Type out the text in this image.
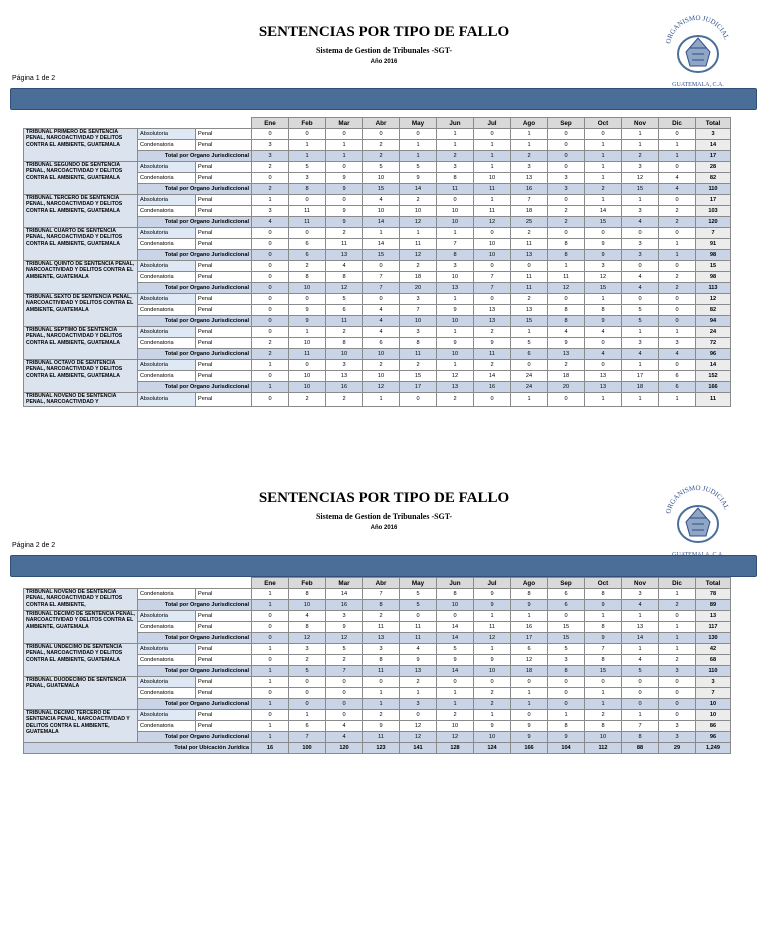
SENTENCIAS POR TIPO DE FALLO
Sistema de Gestion de Tribunales -SGT-
Año 2016
Página 1 de 2
ORGANISMO JUDICIAL
GUATEMALA, C.A.
			Ene	Feb	Mar	Abr	May	Jun	Jul	Ago	Sep	Oct	Nov	Dic	Total
TRIBUNAL PRIMERO DE SENTENCIA PENAL, NARCOACTIVIDAD Y DELITOS CONTRA EL AMBIENTE, GUATEMALA	Absolutoria	Penal	0	0	0	0	0	1	0	1	0	0	1	0	3
	Condenatoria	Penal	3	1	1	2	1	1	1	1	0	1	1	1	14
	Total por Organo Jurisdiccional		3	1	1	2	1	2	1	2	0	1	2	1	17
TRIBUNAL SEGUNDO DE SENTENCIA PENAL, NARCOACTIVIDAD Y DELITOS CONTRA EL AMBIENTE, GUATEMALA	Absolutoria	Penal	2	5	0	5	5	3	1	3	0	1	3	0	28
	Condenatoria	Penal	0	3	9	10	9	8	10	13	3	1	12	4	82
	Total por Organo Jurisdiccional		2	8	9	15	14	11	11	16	3	2	15	4	110
TRIBUNAL TERCERO DE SENTENCIA PENAL, NARCOACTIVIDAD Y DELITOS CONTRA EL AMBIENTE, GUATEMALA	Absolutoria	Penal	1	0	0	4	2	0	1	7	0	1	1	0	17
	Condenatoria	Penal	3	11	9	10	10	10	11	18	2	14	3	2	103
	Total por Organo Jurisdiccional		4	11	9	14	12	10	12	25	2	15	4	2	120
TRIBUNAL CUARTO DE SENTENCIA PENAL, NARCOACTIVIDAD Y DELITOS CONTRA EL AMBIENTE, GUATEMALA	Absolutoria	Penal	0	0	2	1	1	1	0	2	0	0	0	0	7
	Condenatoria	Penal	0	6	11	14	11	7	10	11	8	9	3	1	91
	Total por Organo Jurisdiccional		0	6	13	15	12	8	10	13	8	9	3	1	98
TRIBUNAL QUINTO DE SENTENCIA PENAL, NARCOACTIVIDAD Y DELITOS CONTRA EL AMBIENTE, GUATEMALA	Absolutoria	Penal	0	2	4	0	2	3	0	0	1	3	0	0	15
	Condenatoria	Penal	0	8	8	7	18	10	7	11	11	12	4	2	98
	Total por Organo Jurisdiccional		0	10	12	7	20	13	7	11	12	15	4	2	113
TRIBUNAL SEXTO DE SENTENCIA PENAL, NARCOACTIVIDAD Y DELITOS CONTRA EL AMBIENTE, GUATEMALA	Absolutoria	Penal	0	0	5	0	3	1	0	2	0	1	0	0	12
	Condenatoria	Penal	0	9	6	4	7	9	13	13	8	8	5	0	82
	Total por Organo Jurisdiccional		0	9	11	4	10	10	13	15	8	9	5	0	94
TRIBUNAL SÉPTIMO DE SENTENCIA PENAL, NARCOACTIVIDAD Y DELITOS CONTRA EL AMBIENTE, GUATEMALA	Absolutoria	Penal	0	1	2	4	3	1	2	1	4	4	1	1	24
	Condenatoria	Penal	2	10	8	6	8	9	9	5	9	0	3	3	72
	Total por Organo Jurisdiccional		2	11	10	10	11	10	11	6	13	4	4	4	96
TRIBUNAL OCTAVO DE SENTENCIA PENAL, NARCOACTIVIDAD Y DELITOS CONTRA EL AMBIENTE, GUATEMALA	Absolutoria	Penal	1	0	3	2	2	1	2	0	2	0	1	0	14
	Condenatoria	Penal	0	10	13	10	15	12	14	24	18	13	17	6	152
	Total por Organo Jurisdiccional		1	10	16	12	17	13	16	24	20	13	18	6	166
TRIBUNAL NOVENO DE SENTENCIA PENAL, NARCOACTIVIDAD Y	Absolutoria	Penal	0	2	2	1	0	2	0	1	0	1	1	1	11
SENTENCIAS POR TIPO DE FALLO
Sistema de Gestion de Tribunales -SGT-
Año 2016
Página 2 de 2
ORGANISMO JUDICIAL
			Ene	Feb	Mar	Abr	May	Jun	Jul	Ago	Sep	Oct	Nov	Dic	Total
TRIBUNAL NOVENO DE SENTENCIA PENAL, NARCOACTIVIDAD Y DELITOS CONTRA EL AMBIENTE,	Condenatoria	Penal	1	8	14	7	5	8	9	8	6	8	3	1	78
	Total por Organo Jurisdiccional		1	10	16	8	5	10	9	9	6	9	4	2	89
TRIBUNAL DÉCIMO DE SENTENCIA PENAL, NARCOACTIVIDAD Y DELITOS CONTRA EL AMBIENTE, GUATEMALA	Absolutoria	Penal	0	4	3	2	0	0	1	1	0	1	1	0	13
	Condenatoria	Penal	0	8	9	11	11	14	11	16	15	8	13	1	117
	Total por Organo Jurisdiccional		0	12	12	13	11	14	12	17	15	9	14	1	130
TRIBUNAL UNDÉCIMO DE SENTENCIA PENAL, NARCOACTIVIDAD Y DELITOS CONTRA EL AMBIENTE, GUATEMALA	Absolutoria	Penal	1	3	5	3	4	5	1	6	5	7	1	1	42
	Condenatoria	Penal	0	2	2	8	9	9	9	12	3	8	4	2	68
	Total por Organo Jurisdiccional		1	5	7	11	13	14	10	18	8	15	5	3	110
TRIBUNAL DUODÉCIMO DE SENTENCIA PENAL, GUATEMALA	Absolutoria	Penal	1	0	0	0	2	0	0	0	0	0	0	0	3
	Condenatoria	Penal	0	0	0	1	1	1	2	1	0	1	0	0	7
	Total por Organo Jurisdiccional		1	0	0	1	3	1	2	1	0	1	0	0	10
TRIBUNAL DÉCIMO TERCERO DE SENTENCIA PENAL, NARCOACTIVIDAD Y DELITOS CONTRA EL AMBIENTE, GUATEMALA	Absolutoria	Penal	0	1	0	2	0	2	1	0	1	2	1	0	10
	Condenatoria	Penal	1	6	4	9	12	10	9	9	8	8	7	3	86
	Total por Organo Jurisdiccional		1	7	4	11	12	12	10	9	9	10	8	3	96
Total por Ubicación Jurídica			16	100	120	123	141	128	124	166	104	112	88	29	1,249
